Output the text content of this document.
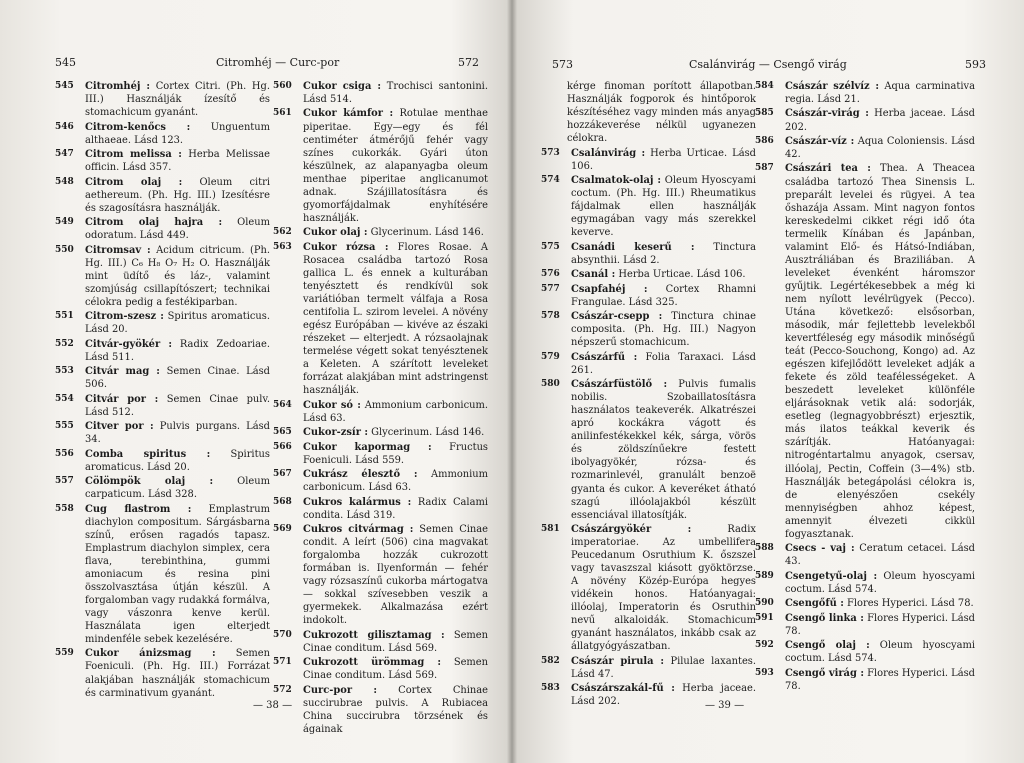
545	Citromhéj — Curc-por	572
545 Citromhéj : Cortex Citri. (Ph. Hg. III.) Használják ízesítő és stomachicum gyanánt.
546 Citrom-kenőcs : Unguentum althaeae. Lásd 123.
547 Citrom melissa : Herba Melissae officin. Lásd 357.
548 Citrom olaj : Oleum citri aethereum. (Ph. Hg. III.) Izesítésre és szagosításra használják.
549 Citrom olaj hajra : Oleum odoratum. Lásd 449.
550 Citromsav : Acidum citricum. (Ph. Hg. III.) C₆ H₈ O₇ H₂ O. Használják mint üdítő és láz-, valamint szomjúság csillapítószert; technikai célokra pedig a festékiparban.
551 Citrom-szesz : Spiritus aromaticus. Lásd 20.
552 Citvár-gyökér : Radix Zedoariae. Lásd 511.
553 Citvár mag : Semen Cinae. Lásd 506.
554 Citvár por : Semen Cinae pulv. Lásd 512.
555 Citver por : Pulvis purgans. Lásd 34.
556 Comba spiritus : Spiritus aromaticus. Lásd 20.
557 Cölömpök olaj : Oleum carpaticum. Lásd 328.
558 Cug flastrom : Emplastrum diachylon compositum. Sárgásbarna színű, erősen ragadós tapasz. Emplastrum diachylon simplex, cera flava, terebinthina, gummi amoniacum és resina pini összolvasztása útján készül. A forgalomban vagy rudakká formálva, vagy vászonra kenve kerül. Használata igen elterjedt mindenféle sebek kezelésére.
559 Cukor ánizsmag : Semen Foeniculi. (Ph. Hg. III.) Forrázat alakjában használják stomachicum és carminativum gyanánt.
560 Cukor csiga : Trochisci santonini. Lásd 514.
561 Cukor kámfor : Rotulae menthae piperitae. Egy—egy és fél centiméter átmérőjű fehér vagy színes cukorkák. Gyári úton készülnek, az alapanyagba oleum menthae piperitae anglicanumot adnak. Szájillatosításra és gyomorfájdalmak enyhítésére használják.
562 Cukor olaj : Glycerinum. Lásd 146.
563 Cukor rózsa : Flores Rosae. A Rosacea családba tartozó Rosa gallica L. és ennek a kulturában tenyésztett és rendkívül sok variátióban termelt válfaja a Rosa centifolia L. szirom levelei. A növény egész Európában — kivéve az északi részeket — elterjedt. A rózsaolajnak termelése végett sokat tenyésztenek a Keleten. A szárított leveleket forrázat alakjában mint adstringenst használják.
564 Cukor só : Ammonium carbonicum. Lásd 63.
565 Cukor-zsír : Glycerinum. Lásd 146.
566 Cukor kapormag : Fructus Foeniculi. Lásd 559.
567 Cukrász élesztő : Ammonium carbonicum. Lásd 63.
568 Cukros kalármus : Radix Calami condita. Lásd 319.
569 Cukros citvármag : Semen Cinae condit. A leírt (506) cina magvakat forgalomba hozzák cukrozott formában is. Ilyenformán — fehér vagy rózsaszínű cukorba mártogatva — sokkal szívesebben veszik a gyermekek. Alkalmazása ezért indokolt.
570 Cukrozott gilisztamag : Semen Cinae conditum. Lásd 569.
571 Cukrozott ürömmag : Semen Cinae conditum. Lásd 569.
572 Curc-por : Cortex Chinae succirubrae pulvis. A Rubiacea China succirubra törzsének és ágainak
— 38 —
573	Csalánvirág — Csengő virág	593
kérge finoman porított állapotban. Használják fogporok és hintőporok készítéséhez vagy minden más anyag hozzákeverése nélkül ugyanezen célokra.
573 Csalánvirág : Herba Urticae. Lásd 106.
574 Csalmatok-olaj : Oleum Hyoscyami coctum. (Ph. Hg. III.) Rheumatikus fájdalmak ellen használják egymagában vagy más szerekkel keverve.
575 Csanádi keserű : Tinctura absynthii. Lásd 2.
576 Csanál : Herba Urticae. Lásd 106.
577 Csapfahéj : Cortex Rhamni Frangulae. Lásd 325.
578 Császár-csepp : Tinctura chinae composita. (Ph. Hg. III.) Nagyon népszerű stomachicum.
579 Császárfű : Folia Taraxaci. Lásd 261.
580 Császárfüstölő : Pulvis fumalis nobilis. Szobaillatosításra használatos teakeverék. Alkatrészei apró kockákra vágott és anilinfestékekkel kék, sárga, vörös és zöldszínűekre festett ibolyagyökér, rózsa- és rozmarinlevél, granulált benzoë gyanta és cukor. A keveréket átható szagú illóolajakból készült essenciával illatosítják.
581 Császárgyökér : Radix imperatoriae. Az umbellifera Peucedanum Osruthium K. őszszel vagy tavaszszal kiásott gyöktörzse. A növény Közép-Európa hegyes vidékein honos. Hatóanyagai: illóolaj, Imperatorin és Osruthin nevű alkaloidák. Stomachicum gyanánt használatos, inkább csak az állatgyógyászatban.
582 Császár pirula : Pilulae laxantes. Lásd 47.
583 Császárszakál-fű : Herba jaceae. Lásd 202.
584 Császár szélvíz : Aqua carminativa regia. Lásd 21.
585 Császár-virág : Herba jaceae. Lásd 202.
586 Császár-víz : Aqua Coloniensis. Lásd 42.
587 Császári tea : Thea. A Theacea családba tartozó Thea Sinensis L. preparált levelei és rügyei. A tea őshazája Assam. Mint nagyon fontos kereskedelmi cikket régi idő óta termelik Kínában és Japánban, valamint Elő- és Hátsó-Indiában, Ausztráliában és Braziliában. A leveleket évenként háromszor gyűjtik. Legértékesebbek a még ki nem nyílott levélrügyek (Pecco). Utána következő: elsősorban, második, már fejlettebb levelekből kevertféleség egy második minőségű teát (Pecco-Souchong, Kongo) ad. Az egészen kifejlődött leveleket adják a fekete és zöld teafélességeket. A beszedett leveleket különféle eljárásoknak vetik alá: sodorják, esetleg (legnagyobbrészt) erjesztik, más ilatos teákkal keverik és szárítják. Hatóanyagai: nitrogéntartalmu anyagok, csersav, illóolaj, Pectin, Coffein (3—4%) stb. Használják betegápolási célokra is, de elenyészően csekély mennyiségben ahhoz képest, amennyit élvezeti cikkül fogyasztanak.
588 Csecs - vaj : Ceratum cetacei. Lásd 43.
589 Csengetyű-olaj : Oleum hyoscyami coctum. Lásd 574.
590 Csengőfű : Flores Hyperici. Lásd 78.
591 Csengő linka : Flores Hyperici. Lásd 78.
592 Csengő olaj : Oleum hyoscyami coctum. Lásd 574.
593 Csengő virág : Flores Hyperici. Lásd 78.
— 39 —
